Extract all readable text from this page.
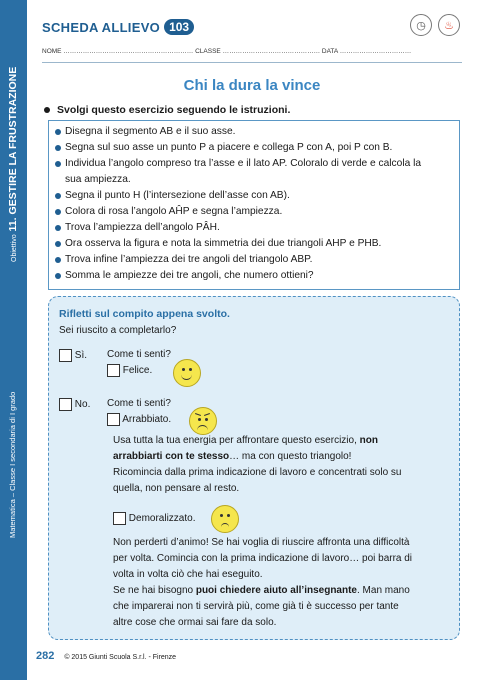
Obiettivo 11. GESTIRE LA FRUSTRAZIONE
Matematica – Classe I secondaria di I grado
SCHEDA ALLIEVO 103	◷	♨
NOME …………………………………………………… CLASSE ……………………………………… DATA ……………………………
Chi la dura la vince
Svolgi questo esercizio seguendo le istruzioni.
Disegna il segmento AB e il suo asse.
Segna sul suo asse un punto P a piacere e collega P con A, poi P con B.
Individua l’angolo compreso tra l’asse e il lato AP. Coloralo di verde e calcola la
sua ampiezza.
Segna il punto H (l’intersezione dell’asse con AB).
Colora di rosa l’angolo AĤP e segna l’ampiezza.
Trova l’ampiezza dell’angolo PÂH.
Ora osserva la figura e nota la simmetria dei due triangoli AHP e PHB.
Trova infine l’ampiezza dei tre angoli del triangolo ABP.
Somma le ampiezze dei tre angoli, che numero ottieni?
Rifletti sul compito appena svolto.
Sei riuscito a completarlo?
Sì. Come ti senti?
Felice.
No. Come ti senti?
Arrabbiato.
Usa tutta la tua energia per affrontare questo esercizio, non arrabbiarti con te stesso… ma con questo triangolo!
Ricomincia dalla prima indicazione di lavoro e concentrati solo su quella, non pensare al resto.
Demoralizzato.
Non perderti d’animo! Se hai voglia di riuscire affronta una difficoltà per volta. Comincia con la prima indicazione di lavoro… poi barra di volta in volta ciò che hai eseguito.
Se ne hai bisogno puoi chiedere aiuto all’insegnante. Man mano che imparerai non ti servirà più, come già ti è successo per tante altre cose che ormai sai fare da solo.
282 © 2015 Giunti Scuola S.r.l. - Firenze
